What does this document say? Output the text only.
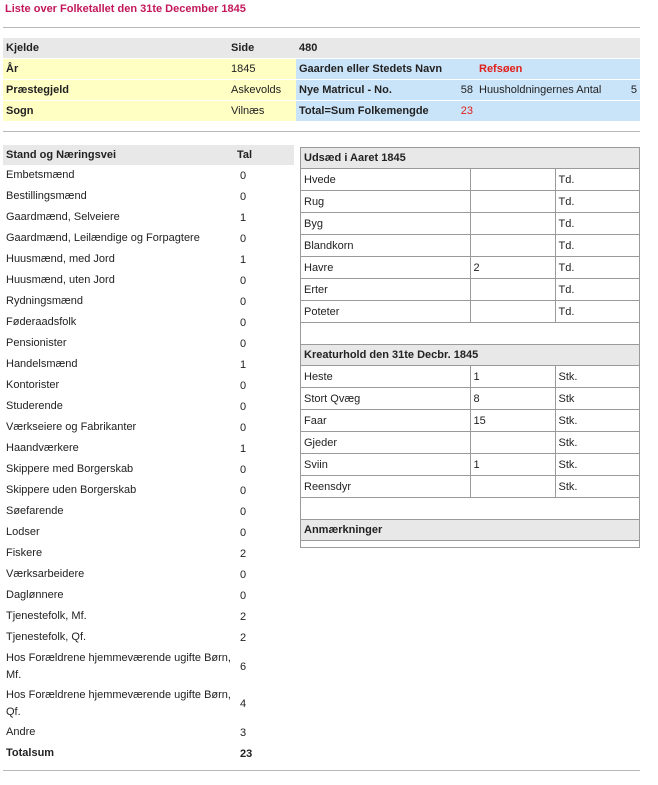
Liste over Folketallet den 31te December 1845
Kjelde	Side	480		
År	1845	Gaarden eller Stedets Navn	Refsøen	
Præstegjeld	Askevolds	Nye Matricul - No. 58	Huusholdningernes Antal	5
Sogn	Vilnæs	Total=Sum Folkemengde 23		

Stand og Næringsvei	Tal
Embetsmænd	0
Bestillingsmænd	0
Gaardmænd, Selveiere	1
Gaardmænd, Leilændige og Forpagtere	0
Huusmænd, med Jord	1
Huusmænd, uten Jord	0
Rydningsmænd	0
Føderaadsfolk	0
Pensionister	0
Handelsmænd	1
Kontorister	0
Studerende	0
Værkseiere og Fabrikanter	0
Haandværkere	1
Skippere med Borgerskab	0
Skippere uden Borgerskab	0
Søefarende	0
Lodser	0
Fiskere	2
Værksarbeidere	0
Daglønnere	0
Tjenestefolk, Mf.	2
Tjenestefolk, Qf.	2
Hos Forældrene hjemmeværende ugifte Børn, Mf.
6
Hos Forældrene hjemmeværende ugifte Børn, Qf.
4
Andre	3
Totalsum	23
Udsæd i Aaret 1845
Hvede		Td.
Rug		Td.
Byg		Td.
Blandkorn		Td.
Havre	2	Td.
Erter		Td.
Poteter		Td.
Kreaturhold den 31te Decbr. 1845
Heste	1	Stk.
Stort Qvæg	8	Stk
Faar	15	Stk.
Gjeder		Stk.
Sviin	1	Stk.
Reensdyr		Stk.
Anmærkninger
